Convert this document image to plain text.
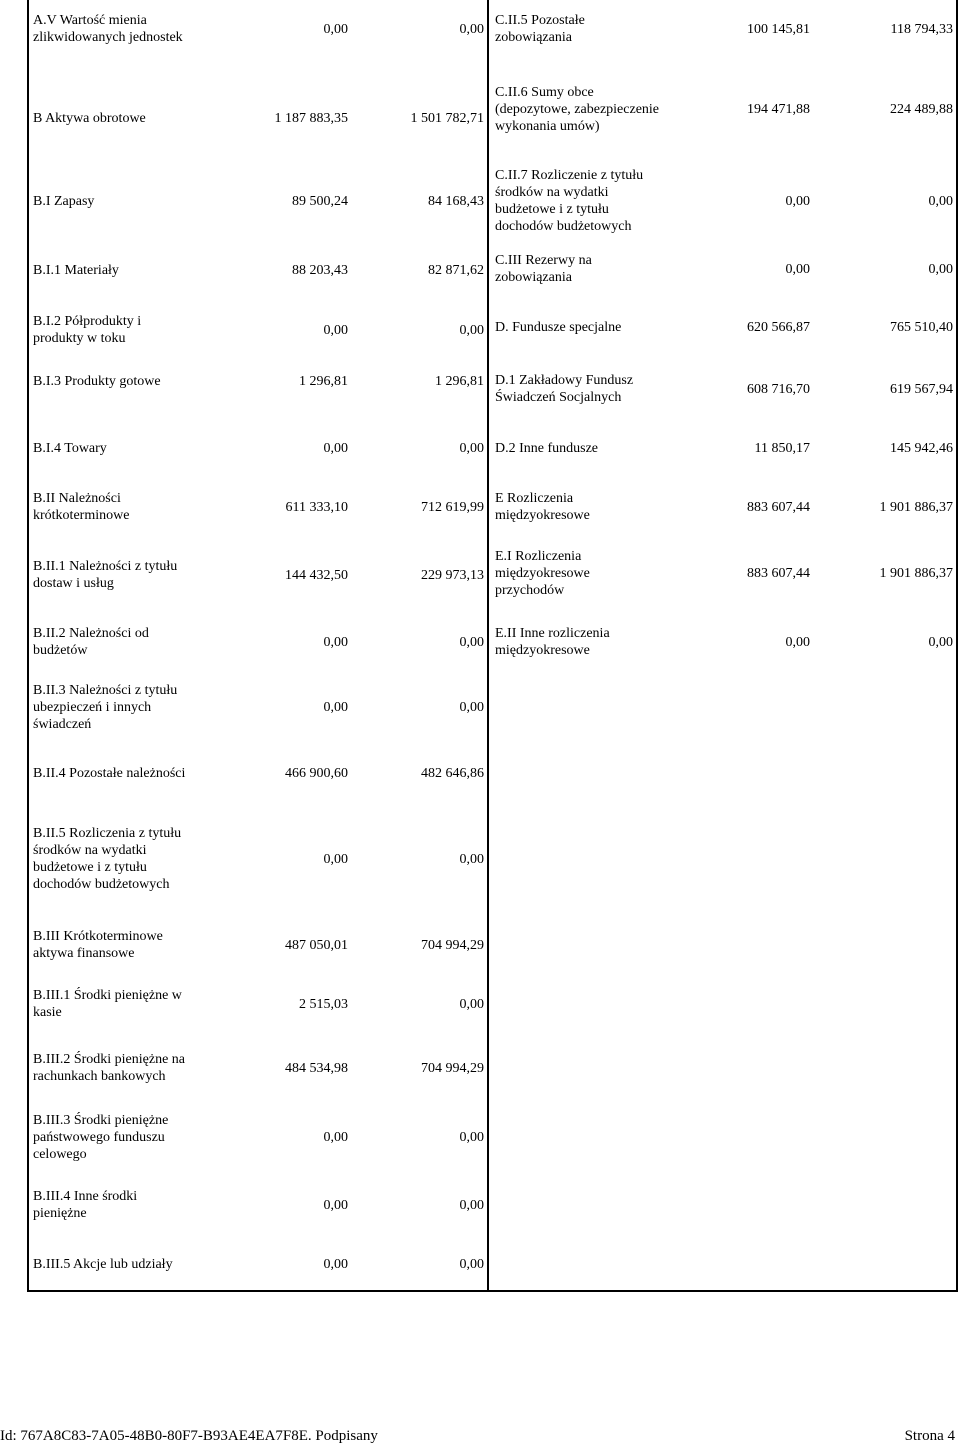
A.V Wartość mienia zlikwidowanych jednostek
0,00	0,00
B Aktywa obrotowe	1 187 883,35	1 501 782,71
B.I Zapasy	89 500,24	84 168,43
B.I.1 Materiały	88 203,43	82 871,62
B.I.2 Półprodukty i produkty w toku
0,00	0,00
B.I.3 Produkty gotowe	1 296,81	1 296,81
B.I.4 Towary	0,00	0,00
B.II Należności krótkoterminowe
611 333,10	712 619,99
B.II.1 Należności z tytułu dostaw i usług
144 432,50	229 973,13
B.II.2 Należności od budżetów
0,00	0,00
B.II.3 Należności z tytułu ubezpieczeń i innych świadczeń
0,00	0,00
B.II.4 Pozostałe należności	466 900,60	482 646,86
B.II.5 Rozliczenia z tytułu środków na wydatki budżetowe i z tytułu dochodów budżetowych
0,00	0,00
B.III Krótkoterminowe aktywa finansowe
487 050,01	704 994,29
B.III.1 Środki pieniężne w kasie
2 515,03	0,00
B.III.2 Środki pieniężne na rachunkach bankowych
484 534,98	704 994,29
B.III.3 Środki pieniężne państwowego funduszu celowego
0,00	0,00
B.III.4 Inne środki pieniężne
0,00	0,00
B.III.5 Akcje lub udziały	0,00	0,00
C.II.5 Pozostałe zobowiązania
100 145,81	118 794,33
C.II.6 Sumy obce (depozytowe, zabezpieczenie wykonania umów)
194 471,88	224 489,88
C.II.7 Rozliczenie z tytułu środków na wydatki budżetowe i z tytułu dochodów budżetowych
0,00	0,00
C.III Rezerwy na zobowiązania
0,00	0,00
D. Fundusze specjalne	620 566,87	765 510,40
D.1 Zakładowy Fundusz Świadczeń Socjalnych
608 716,70	619 567,94
D.2 Inne fundusze	11 850,17	145 942,46
E Rozliczenia międzyokresowe
883 607,44	1 901 886,37
E.I Rozliczenia międzyokresowe przychodów
883 607,44	1 901 886,37
E.II Inne rozliczenia międzyokresowe
0,00	0,00
Id: 767A8C83-7A05-48B0-80F7-B93AE4EA7F8E. Podpisany	Strona 4
